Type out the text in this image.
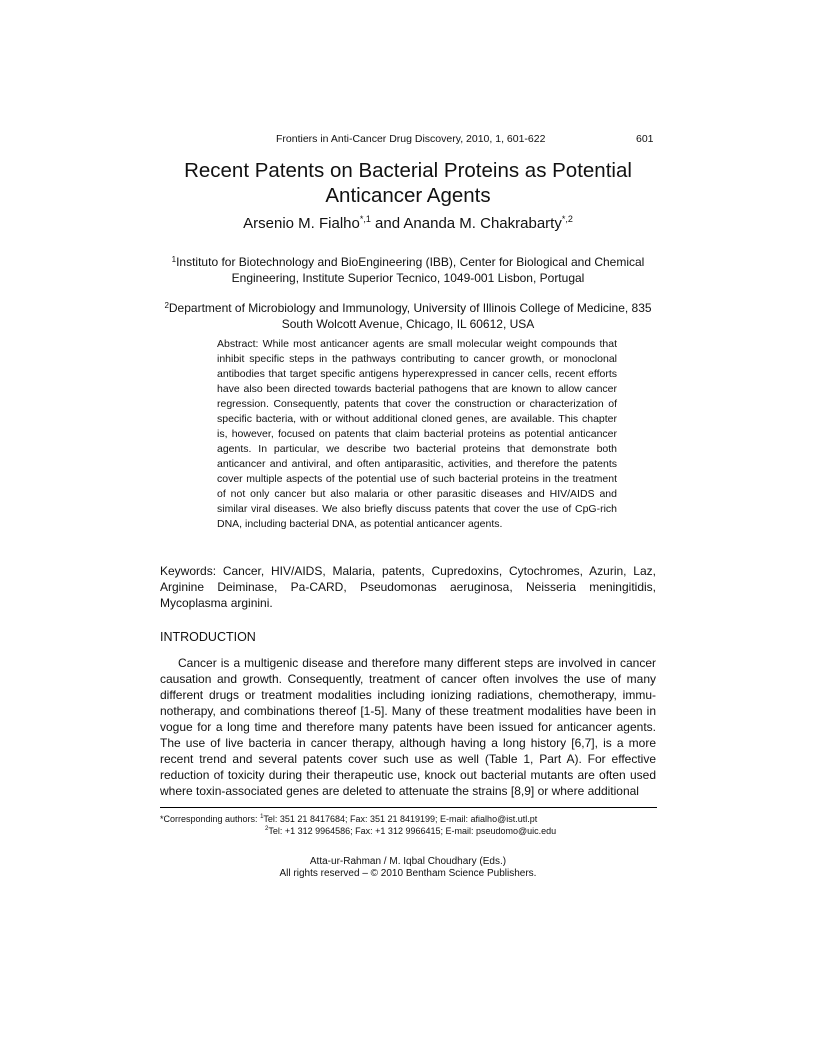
Frontiers in Anti-Cancer Drug Discovery, 2010, 1, 601-622	601
Recent Patents on Bacterial Proteins as Potential Anticancer Agents
Arsenio M. Fialho$^{*,1}$ and Ananda M. Chakrabarty$^{*,2}$
$^1$Instituto for Biotechnology and BioEngineering (IBB), Center for Biological and Chemical Engineering, Institute Superior Tecnico, 1049-001 Lisbon, Portugal
$^2$Department of Microbiology and Immunology, University of Illinois College of Medicine, 835 South Wolcott Avenue, Chicago, IL 60612, USA
Abstract: While most anticancer agents are small molecular weight compounds that inhibit specific steps in the pathways contributing to cancer growth, or monoclonal antibodies that target specific antigens hyperexpressed in cancer cells, recent efforts have also been directed towards bacterial pathogens that are known to allow cancer regression. Consequently, patents that cover the construction or characterization of specific bacteria, with or without additional cloned genes, are available. This chapter is, however, focused on patents that claim bacterial proteins as potential anticancer agents. In particular, we describe two bacterial proteins that demonstrate both anticancer and antiviral, and often antiparasitic, activities, and therefore the patents cover multiple aspects of the potential use of such bacterial proteins in the treatment of not only cancer but also malaria or other parasitic diseases and HIV/AIDS and similar viral diseases. We also briefly discuss patents that cover the use of CpG-rich DNA, including bacterial DNA, as potential anticancer agents.
Keywords: Cancer, HIV/AIDS, Malaria, patents, Cupredoxins, Cytochromes, Azurin, Laz, Arginine Deiminase, Pa-CARD, Pseudomonas aeruginosa, Neisseria meningitidis, Mycoplasma arginini.
INTRODUCTION

Cancer is a multigenic disease and therefore many different steps are involved in cancer causation and growth. Consequently, treatment of cancer often involves the use of many different drugs or treatment modalities including ionizing radiations, chemotherapy, immu-notherapy, and combinations thereof [1-5]. Many of these treatment modalities have been in vogue for a long time and therefore many patents have been issued for anticancer agents. The use of live bacteria in cancer therapy, although having a long history [6,7], is a more recent trend and several patents cover such use as well (Table 1, Part A). For effective reduction of toxicity during their therapeutic use, knock out bacterial mutants are often used where toxin-associated genes are deleted to attenuate the strains [8,9] or where additional

*Corresponding authors: $^1$Tel: 351 21 8417684; Fax: 351 21 8419199; E-mail: afialho@ist.utl.pt
$^2$Tel: +1 312 9964586; Fax: +1 312 9966415; E-mail: pseudomo@uic.edu
Atta-ur-Rahman / M. Iqbal Choudhary (Eds.)
All rights reserved – © 2010 Bentham Science Publishers.
